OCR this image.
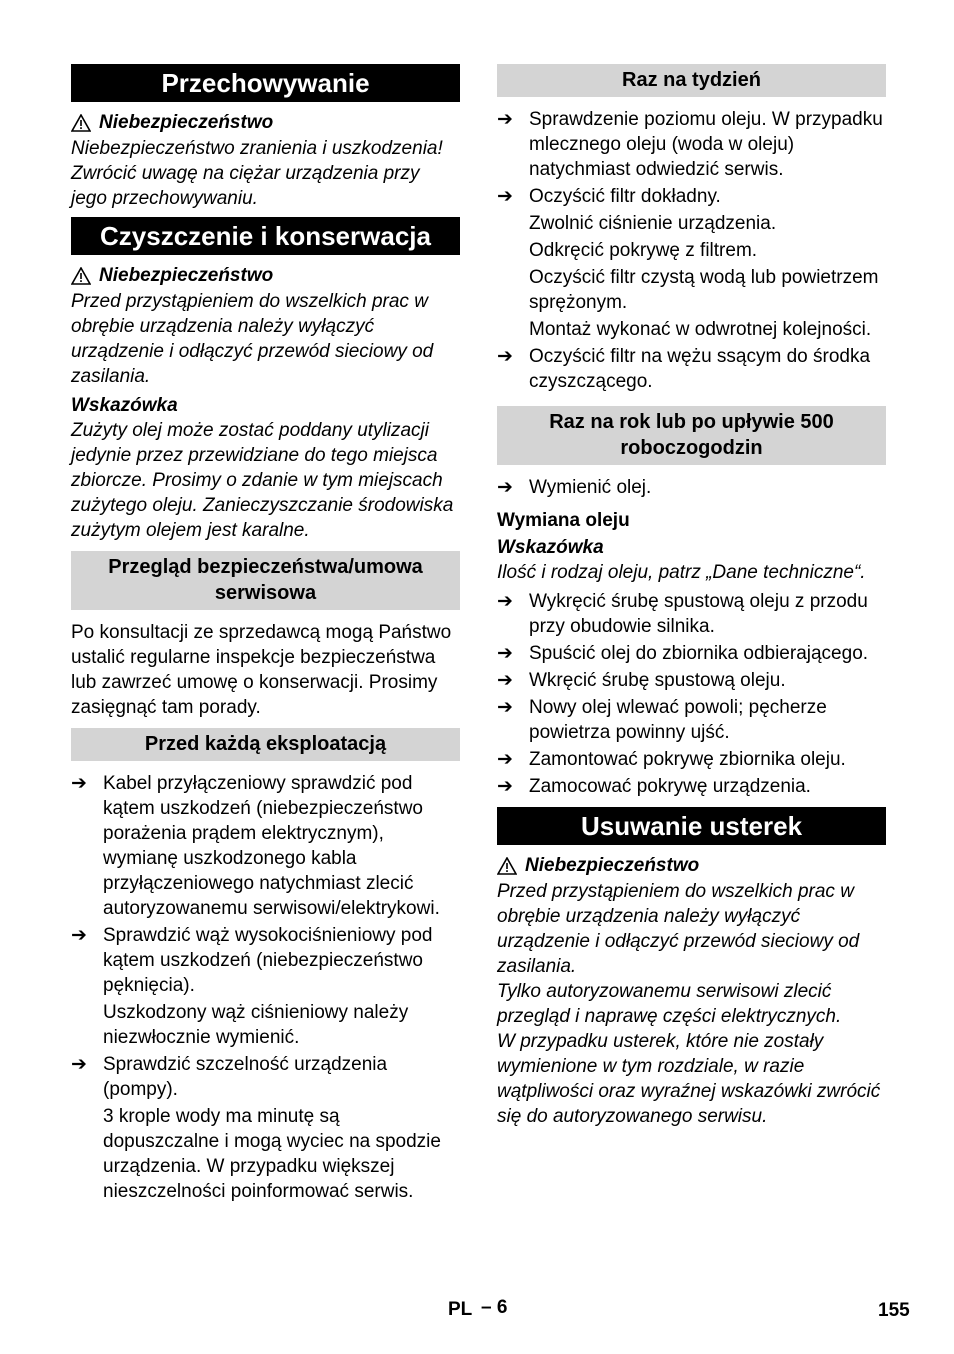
Przechowywanie
Niebezpieczeństwo
Niebezpieczeństwo zranienia i uszkodzenia! Zwrócić uwagę na ciężar urządzenia przy jego przechowywaniu.
Czyszczenie i konserwacja
Niebezpieczeństwo
Przed przystąpieniem do wszelkich prac w obrębie urządzenia należy wyłączyć urządzenie i odłączyć przewód sieciowy od zasilania.
Wskazówka
Zużyty olej może zostać poddany utylizacji jedynie przez przewidziane do tego miejsca zbiorcze. Prosimy o zdanie w tym miejscach zużytego oleju. Zanieczyszczanie środowiska zużytym olejem jest karalne.
Przegląd bezpieczeństwa/umowa serwisowa
Po konsultacji ze sprzedawcą mogą Państwo ustalić regularne inspekcje bezpieczeństwa lub zawrzeć umowę o konserwacji. Prosimy zasięgnąć tam porady.
Przed każdą eksploatacją
➔ Kabel przyłączeniowy sprawdzić pod kątem uszkodzeń (niebezpieczeństwo porażenia prądem elektrycznym), wymianę uszkodzonego kabla przyłączeniowego natychmiast zlecić autoryzowanemu serwisowi/elektrykowi.
➔ Sprawdzić wąż wysokociśnieniowy pod kątem uszkodzeń (niebezpieczeństwo pęknięcia).
Uszkodzony wąż ciśnieniowy należy niezwłocznie wymienić.
➔ Sprawdzić szczelność urządzenia (pompy).
3 krople wody ma minutę są dopuszczalne i mogą wyciec na spodzie urządzenia. W przypadku większej nieszczelności poinformować serwis.
Raz na tydzień
➔ Sprawdzenie poziomu oleju. W przypadku mlecznego oleju (woda w oleju) natychmiast odwiedzić serwis.
➔ Oczyścić filtr dokładny.
Zwolnić ciśnienie urządzenia.
Odkręcić pokrywę z filtrem.
Oczyścić filtr czystą wodą lub powietrzem sprężonym.
Montaż wykonać w odwrotnej kolejności.
➔ Oczyścić filtr na wężu ssącym do środka czyszczącego.
Raz na rok lub po upływie 500 roboczogodzin
➔ Wymienić olej.
Wymiana oleju
Wskazówka
Ilość i rodzaj oleju, patrz „Dane techniczne“.
➔ Wykręcić śrubę spustową oleju z przodu przy obudowie silnika.
➔ Spuścić olej do zbiornika odbierającego.
➔ Wkręcić śrubę spustową oleju.
➔ Nowy olej wlewać powoli; pęcherze powietrza powinny ujść.
➔ Zamontować pokrywę zbiornika oleju.
➔ Zamocować pokrywę urządzenia.
Usuwanie usterek
Niebezpieczeństwo
Przed przystąpieniem do wszelkich prac w obrębie urządzenia należy wyłączyć urządzenie i odłączyć przewód sieciowy od zasilania.
Tylko autoryzowanemu serwisowi zlecić przegląd i naprawę części elektrycznych.
W przypadku usterek, które nie zostały wymienione w tym rozdziale, w razie wątpliwości oraz wyraźnej wskazówki zwrócić się do autoryzowanego serwisu.
PL – 6	155
